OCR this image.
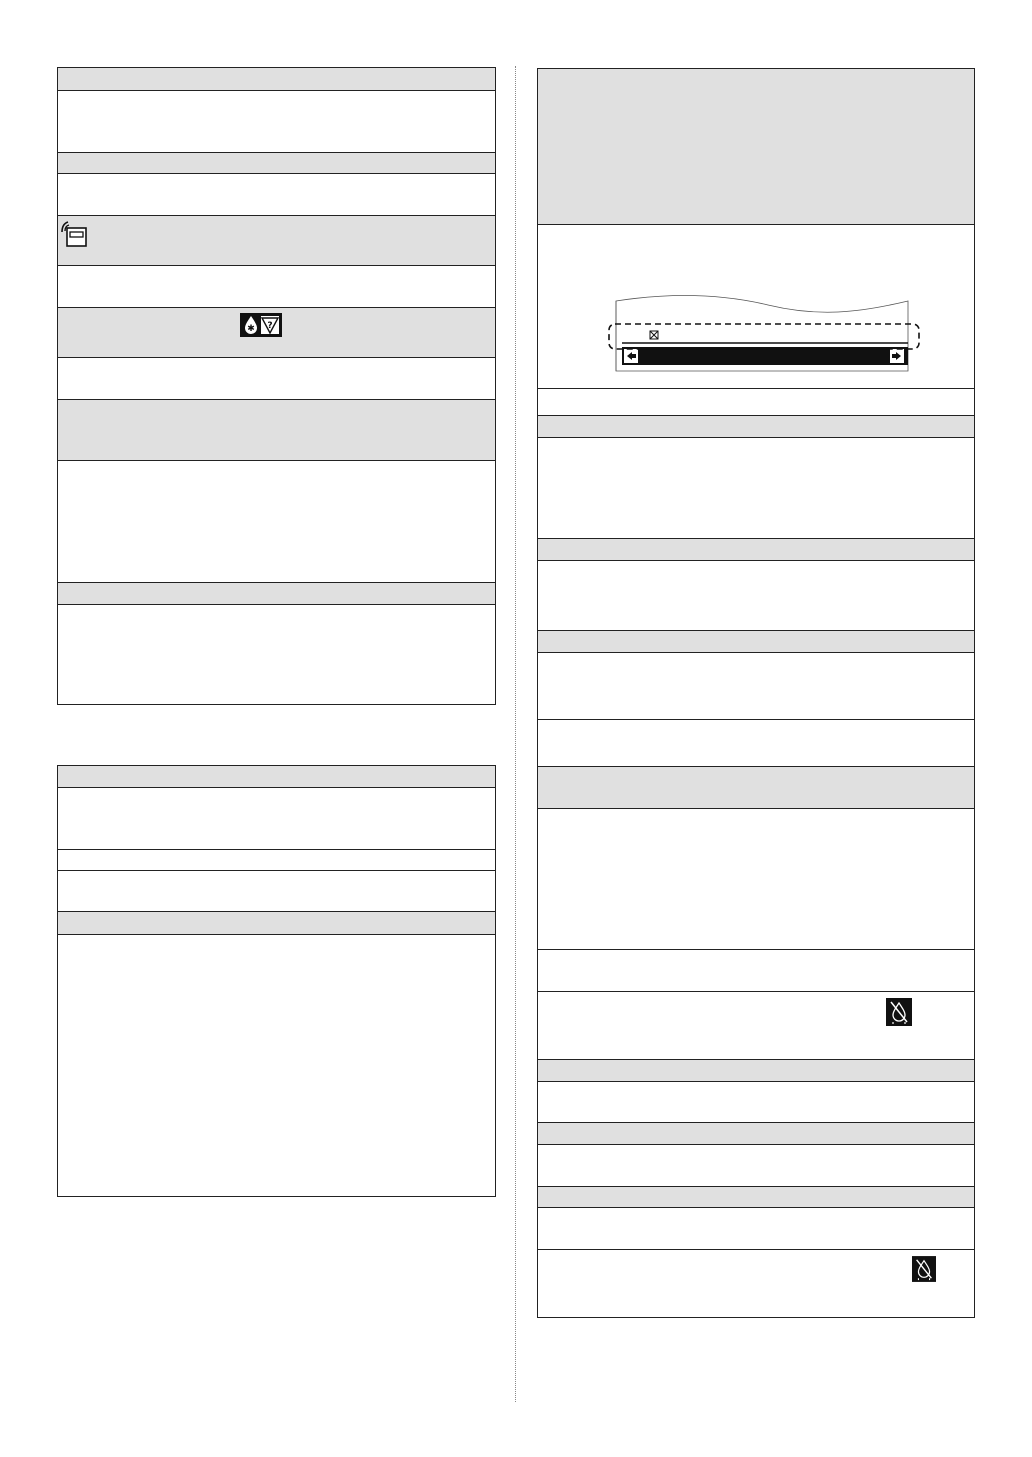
✱ ?
